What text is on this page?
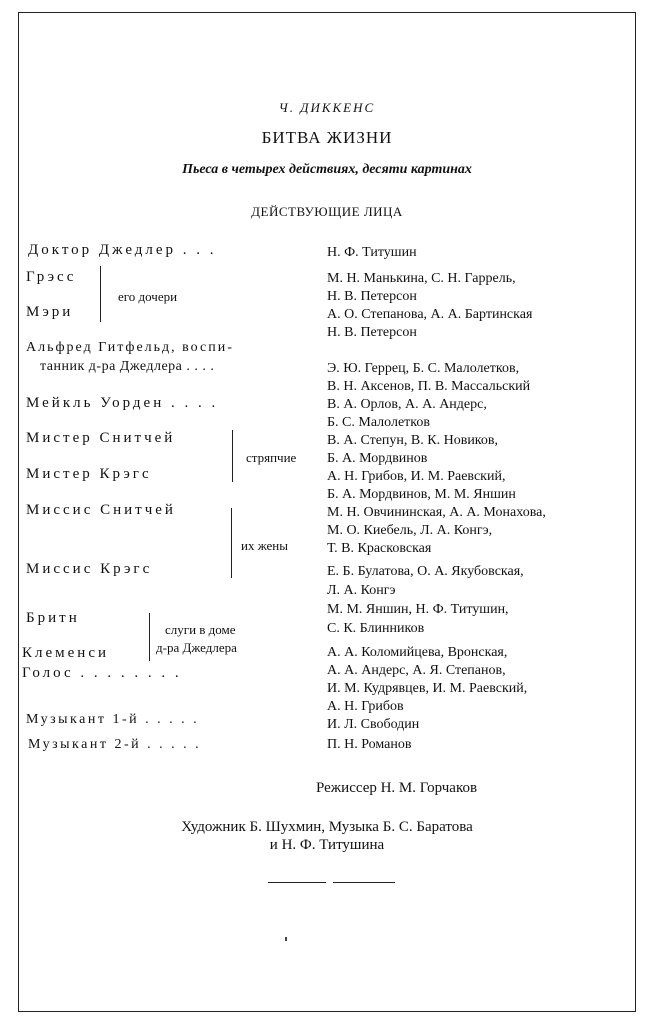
Ч. ДИККЕНС
БИТВА ЖИЗНИ
Пьеса в четырех действиях, десяти картинах
ДЕЙСТВУЮЩИЕ ЛИЦА
Доктор Джедлер . . .
Грэсс
Мэри
его дочери
Альфред Гитфельд, воспи-
танник д-ра Джедлера . . . .
Мейкль Уорден . . . .
Мистер Снитчей
Мистер Крэгс
стряпчие
Миссис Снитчей
Миссис Крэгс
их жены
Бритн
Клеменси
слуги в доме
д-ра Джедлера
Голос . . . . . . . .
Музыкант 1-й . . . . .
Музыкант 2-й . . . . .
Н. Ф. Титушин
М. Н. Манькина, С. Н. Гаррель,
Н. В. Петерсон
А. О. Степанова, А. А. Бартинская
Н. В. Петерсон
Э. Ю. Геррец, Б. С. Малолетков,
В. Н. Аксенов, П. В. Массальский
В. А. Орлов, А. А. Андерс,
Б. С. Малолетков
В. А. Степун, В. К. Новиков,
Б. А. Мордвинов
А. Н. Грибов, И. М. Раевский,
Б. А. Мордвинов, М. М. Яншин
М. Н. Овчининская, А. А. Монахова,
М. О. Киебель, Л. А. Конгэ,
Т. В. Красковская
Е. Б. Булатова, О. А. Якубовская,
Л. А. Конгэ
М. М. Яншин, Н. Ф. Титушин,
С. К. Блинников
А. А. Коломийцева, Вронская,
А. А. Андерс, А. Я. Степанов,
И. М. Кудрявцев, И. М. Раевский,
А. Н. Грибов
И. Л. Свободин
П. Н. Романов
Режиссер Н. М. Горчаков
Художник Б. Шухмин, Музыка Б. С. Баратова
и Н. Ф. Титушина
